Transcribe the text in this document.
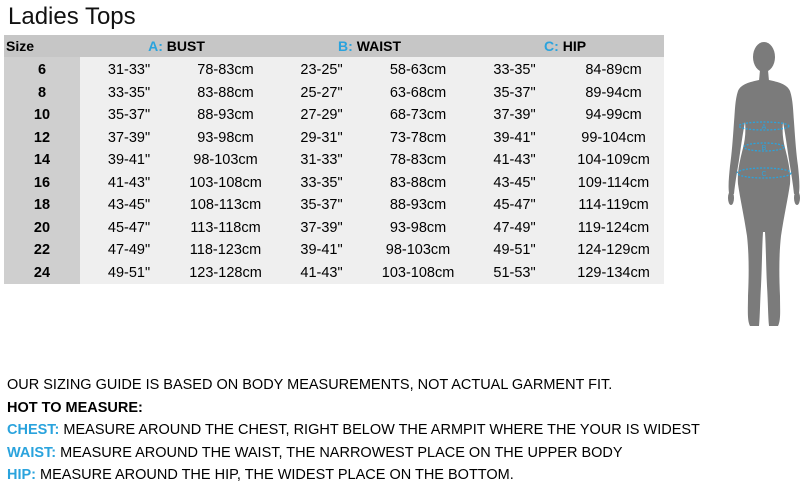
Ladies Tops
Size	A: BUST		B: WAIST		C: HIP	
6	31-33"	78-83cm	23-25"	58-63cm	33-35"	84-89cm
8	33-35"	83-88cm	25-27"	63-68cm	35-37"	89-94cm
10	35-37"	88-93cm	27-29"	68-73cm	37-39"	94-99cm
12	37-39"	93-98cm	29-31"	73-78cm	39-41"	99-104cm
14	39-41"	98-103cm	31-33"	78-83cm	41-43"	104-109cm
16	41-43"	103-108cm	33-35"	83-88cm	43-45"	109-114cm
18	43-45"	108-113cm	35-37"	88-93cm	45-47"	114-119cm
20	45-47"	113-118cm	37-39"	93-98cm	47-49"	119-124cm
22	47-49"	118-123cm	39-41"	98-103cm	49-51"	124-129cm
24	49-51"	123-128cm	41-43"	103-108cm	51-53"	129-134cm
A
B
C
OUR SIZING GUIDE IS BASED ON BODY MEASUREMENTS, NOT ACTUAL GARMENT FIT.
HOT TO MEASURE:
CHEST: MEASURE AROUND THE CHEST, RIGHT BELOW THE ARMPIT WHERE THE YOUR IS WIDEST
WAIST: MEASURE AROUND THE WAIST, THE NARROWEST PLACE ON THE UPPER BODY
HIP: MEASURE AROUND THE HIP, THE WIDEST PLACE ON THE BOTTOM.
